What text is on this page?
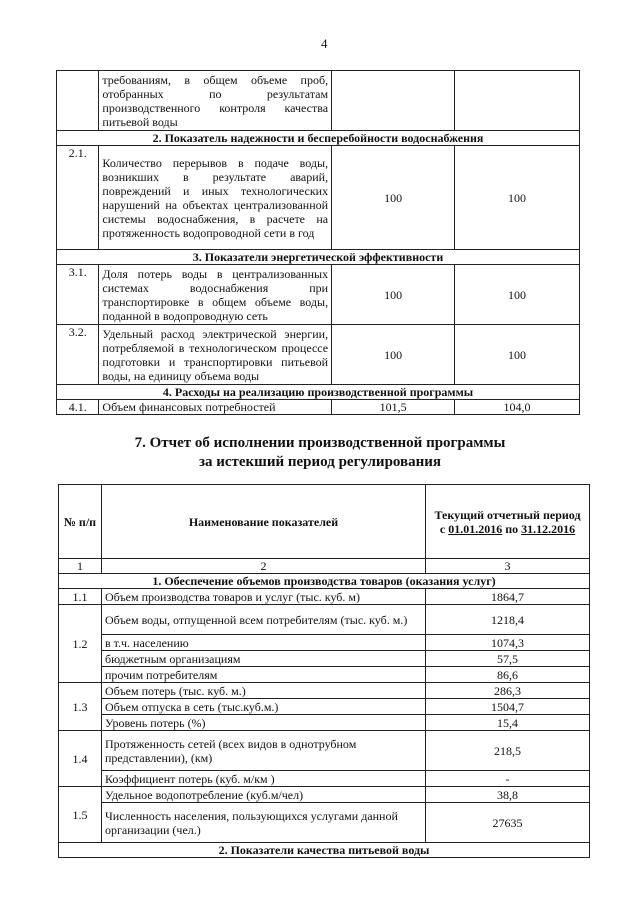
4
	требованиям, в общем объеме проб, отобранных по результатам производственного контроля качества питьевой воды		
2. Показатель надежности и бесперебойности водоснабжения			
2.1.	Количество перерывов в подаче воды, возникших в результате аварий, повреждений и иных технологических нарушений на объектах централизованной системы водоснабжения, в расчете на протяженность водопроводной сети в год	100	100
3. Показатели энергетической эффективности			
3.1.	Доля потерь воды в централизованных системах водоснабжения при транспортировке в общем объеме воды, поданной в водопроводную сеть	100	100
3.2.	Удельный расход электрической энергии, потребляемой в технологическом процессе подготовки и транспортировки питьевой воды, на единицу объема воды	100	100
4. Расходы на реализацию производственной программы			
4.1.	Объем финансовых потребностей	101,5	104,0
7. Отчет об исполнении производственной программы
за истекший период регулирования
№ п/п	Наименование показателей	Текущий отчетный период
с 01.01.2016 по 31.12.2016

1	2	3
1. Обеспечение объемов производства товаров (оказания услуг)		
1.1	Объем производства товаров и услуг (тыс. куб. м)	1864,7
1.2	Объем воды, отпущенной всем потребителям (тыс. куб. м.)	1218,4
	в т.ч. населению	1074,3
	бюджетным организациям	57,5
	прочим потребителям	86,6
1.3	Объем потерь (тыс. куб. м.)	286,3
	Объем отпуска в сеть (тыс.куб.м.)	1504,7
	Уровень потерь (%)	15,4
1.4	Протяженность сетей (всех видов в однотрубном представлении), (км)	218,5
	Коэффициент потерь (куб. м/км )	-
1.5	Удельное водопотребление (куб.м/чел)	38,8
	Численность населения, пользующихся услугами данной организации (чел.)	27635
2. Показатели качества питьевой воды		
